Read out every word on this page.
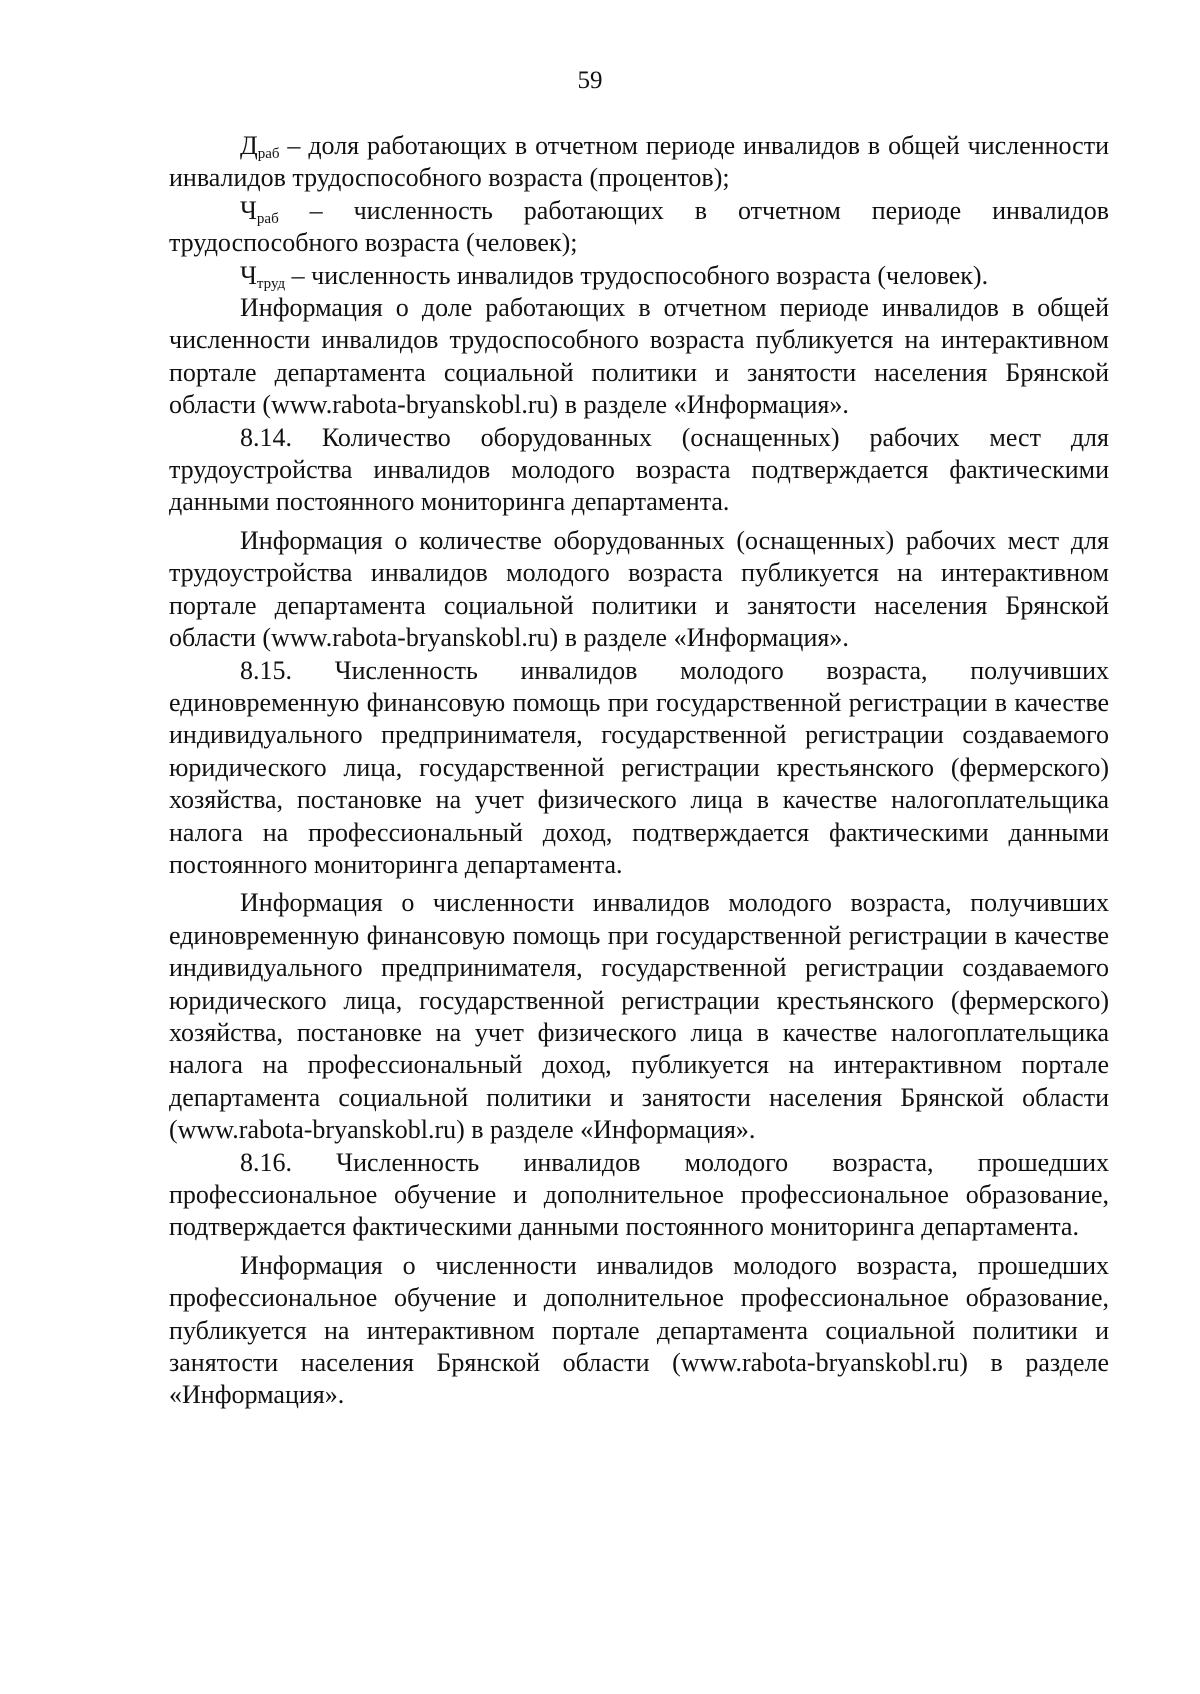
59

$Д_{раб}$ – доля работающих в отчетном периоде инвалидов в общей численности инвалидов трудоспособного возраста (процентов);

$Ч_{раб}$ – численность работающих в отчетном периоде инвалидов трудоспособного возраста (человек);

$Ч_{труд}$ – численность инвалидов трудоспособного возраста (человек).

Информация о доле работающих в отчетном периоде инвалидов в общей численности инвалидов трудоспособного возраста публикуется на интерактивном портале департамента социальной политики и занятости населения Брянской области (www.rabota-bryanskobl.ru) в разделе «Информация».

8.14. Количество оборудованных (оснащенных) рабочих мест для трудоустройства инвалидов молодого возраста подтверждается фактическими данными постоянного мониторинга департамента.

Информация о количестве оборудованных (оснащенных) рабочих мест для трудоустройства инвалидов молодого возраста публикуется на интерактивном портале департамента социальной политики и занятости населения Брянской области (www.rabota-bryanskobl.ru) в разделе «Информация».

8.15. Численность инвалидов молодого возраста, получивших единовременную финансовую помощь при государственной регистрации в качестве индивидуального предпринимателя, государственной регистрации создаваемого юридического лица, государственной регистрации крестьянского (фермерского) хозяйства, постановке на учет физического лица в качестве налогоплательщика налога на профессиональный доход, подтверждается фактическими данными постоянного мониторинга департамента.

Информация о численности инвалидов молодого возраста, получивших единовременную финансовую помощь при государственной регистрации в качестве индивидуального предпринимателя, государственной регистрации создаваемого юридического лица, государственной регистрации крестьянского (фермерского) хозяйства, постановке на учет физического лица в качестве налогоплательщика налога на профессиональный доход, публикуется на интерактивном портале департамента социальной политики и занятости населения Брянской области (www.rabota-bryanskobl.ru) в разделе «Информация».

8.16. Численность инвалидов молодого возраста, прошедших профессиональное обучение и дополнительное профессиональное образование, подтверждается фактическими данными постоянного мониторинга департамента.

Информация о численности инвалидов молодого возраста, прошедших профессиональное обучение и дополнительное профессиональное образование, публикуется на интерактивном портале департамента социальной политики и занятости населения Брянской области (www.rabota-bryanskobl.ru) в разделе «Информация».
